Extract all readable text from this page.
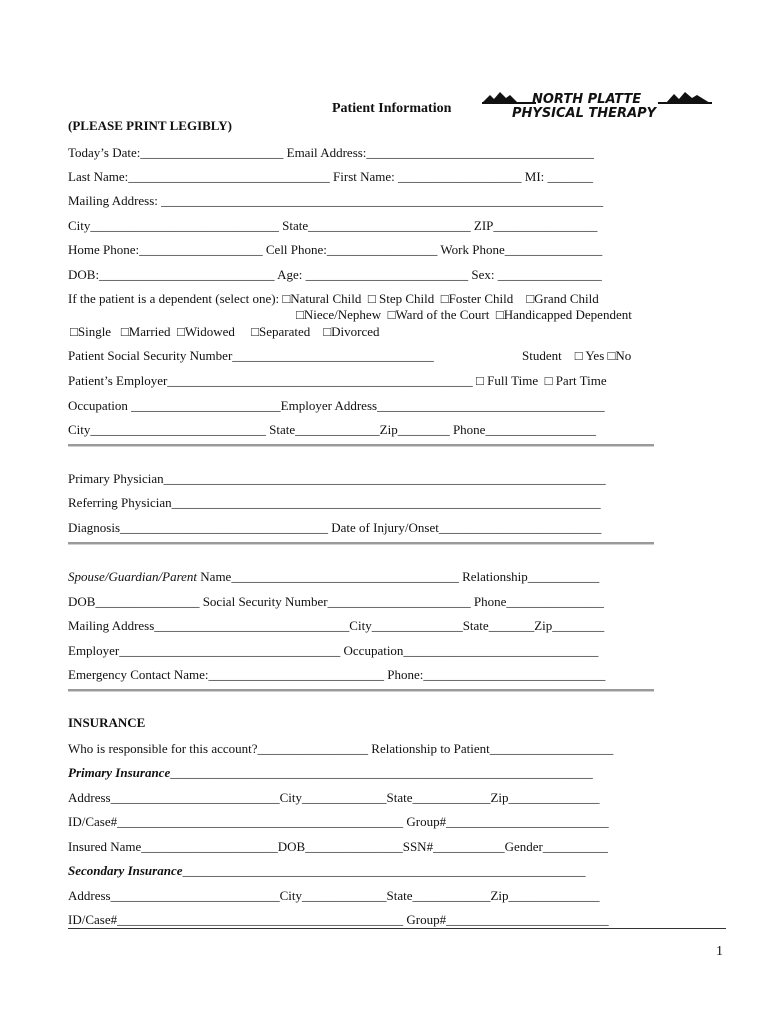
Patient Information
(PLEASE PRINT LEGIBLY)
NORTH PLATTE
PHYSICAL THERAPY
Today’s Date:______________________ Email Address:___________________________________
Last Name:_______________________________ First Name: ___________________ MI: _______
Mailing Address: ____________________________________________________________________
City_____________________________ State_________________________ ZIP________________
Home Phone:___________________ Cell Phone:_________________ Work Phone_______________
DOB:___________________________ Age: _________________________ Sex: ________________
If the patient is a dependent (select one): □Natural Child  □ Step Child  □Foster Child    □Grand Child
□Niece/Nephew  □Ward of the Court  □Handicapped Dependent
□Single   □Married  □Widowed     □Separated    □Divorced
Patient Social Security Number_______________________________	Student    □ Yes □No
Patient’s Employer_______________________________________________ □ Full Time  □ Part Time
Occupation _______________________Employer Address___________________________________
City___________________________ State_____________Zip________ Phone_________________
Primary Physician____________________________________________________________________
Referring Physician__________________________________________________________________
Diagnosis________________________________ Date of Injury/Onset_________________________
Spouse/Guardian/Parent Name___________________________________ Relationship___________
DOB________________ Social Security Number______________________ Phone_______________
Mailing Address______________________________City______________State_______Zip________
Employer__________________________________ Occupation______________________________
Emergency Contact Name:___________________________ Phone:____________________________
INSURANCE
Who is responsible for this account?_________________ Relationship to Patient___________________
Primary Insurance_________________________________________________________________
Address__________________________City_____________State____________Zip______________
ID/Case#____________________________________________ Group#_________________________
Insured Name_____________________DOB_______________SSN#___________Gender__________
Secondary Insurance______________________________________________________________
Address__________________________City_____________State____________Zip______________
ID/Case#____________________________________________ Group#_________________________
1
